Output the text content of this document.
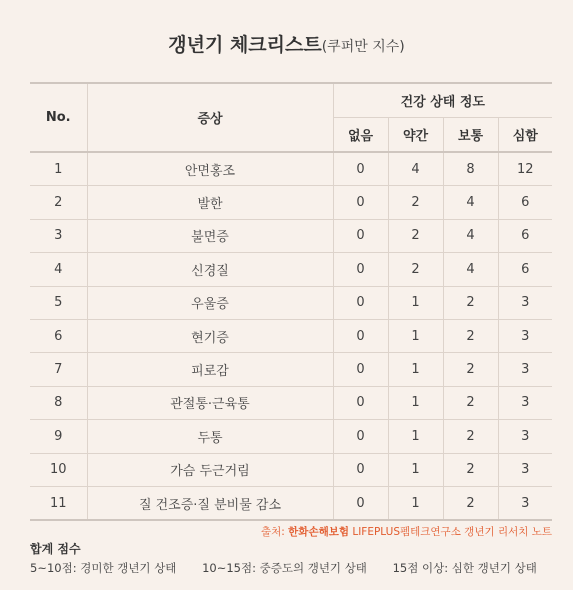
갱년기 체크리스트(쿠퍼만 지수)
No.	증상	건강 상태 정도			
		없음	약간	보통	심함
1	안면홍조	0	4	8	12
2	발한	0	2	4	6
3	불면증	0	2	4	6
4	신경질	0	2	4	6
5	우울증	0	1	2	3
6	현기증	0	1	2	3
7	피로감	0	1	2	3
8	관절통·근육통	0	1	2	3
9	두통	0	1	2	3
10	가슴 두근거림	0	1	2	3
11	질 건조증·질 분비물 감소	0	1	2	3
출처: 한화손해보험 LIFEPLUS펨테크연구소 갱년기 리서치 노트
합계 점수
5~10점: 경미한 갱년기 상태 10~15점: 중증도의 갱년기 상태 15점 이상: 심한 갱년기 상태
